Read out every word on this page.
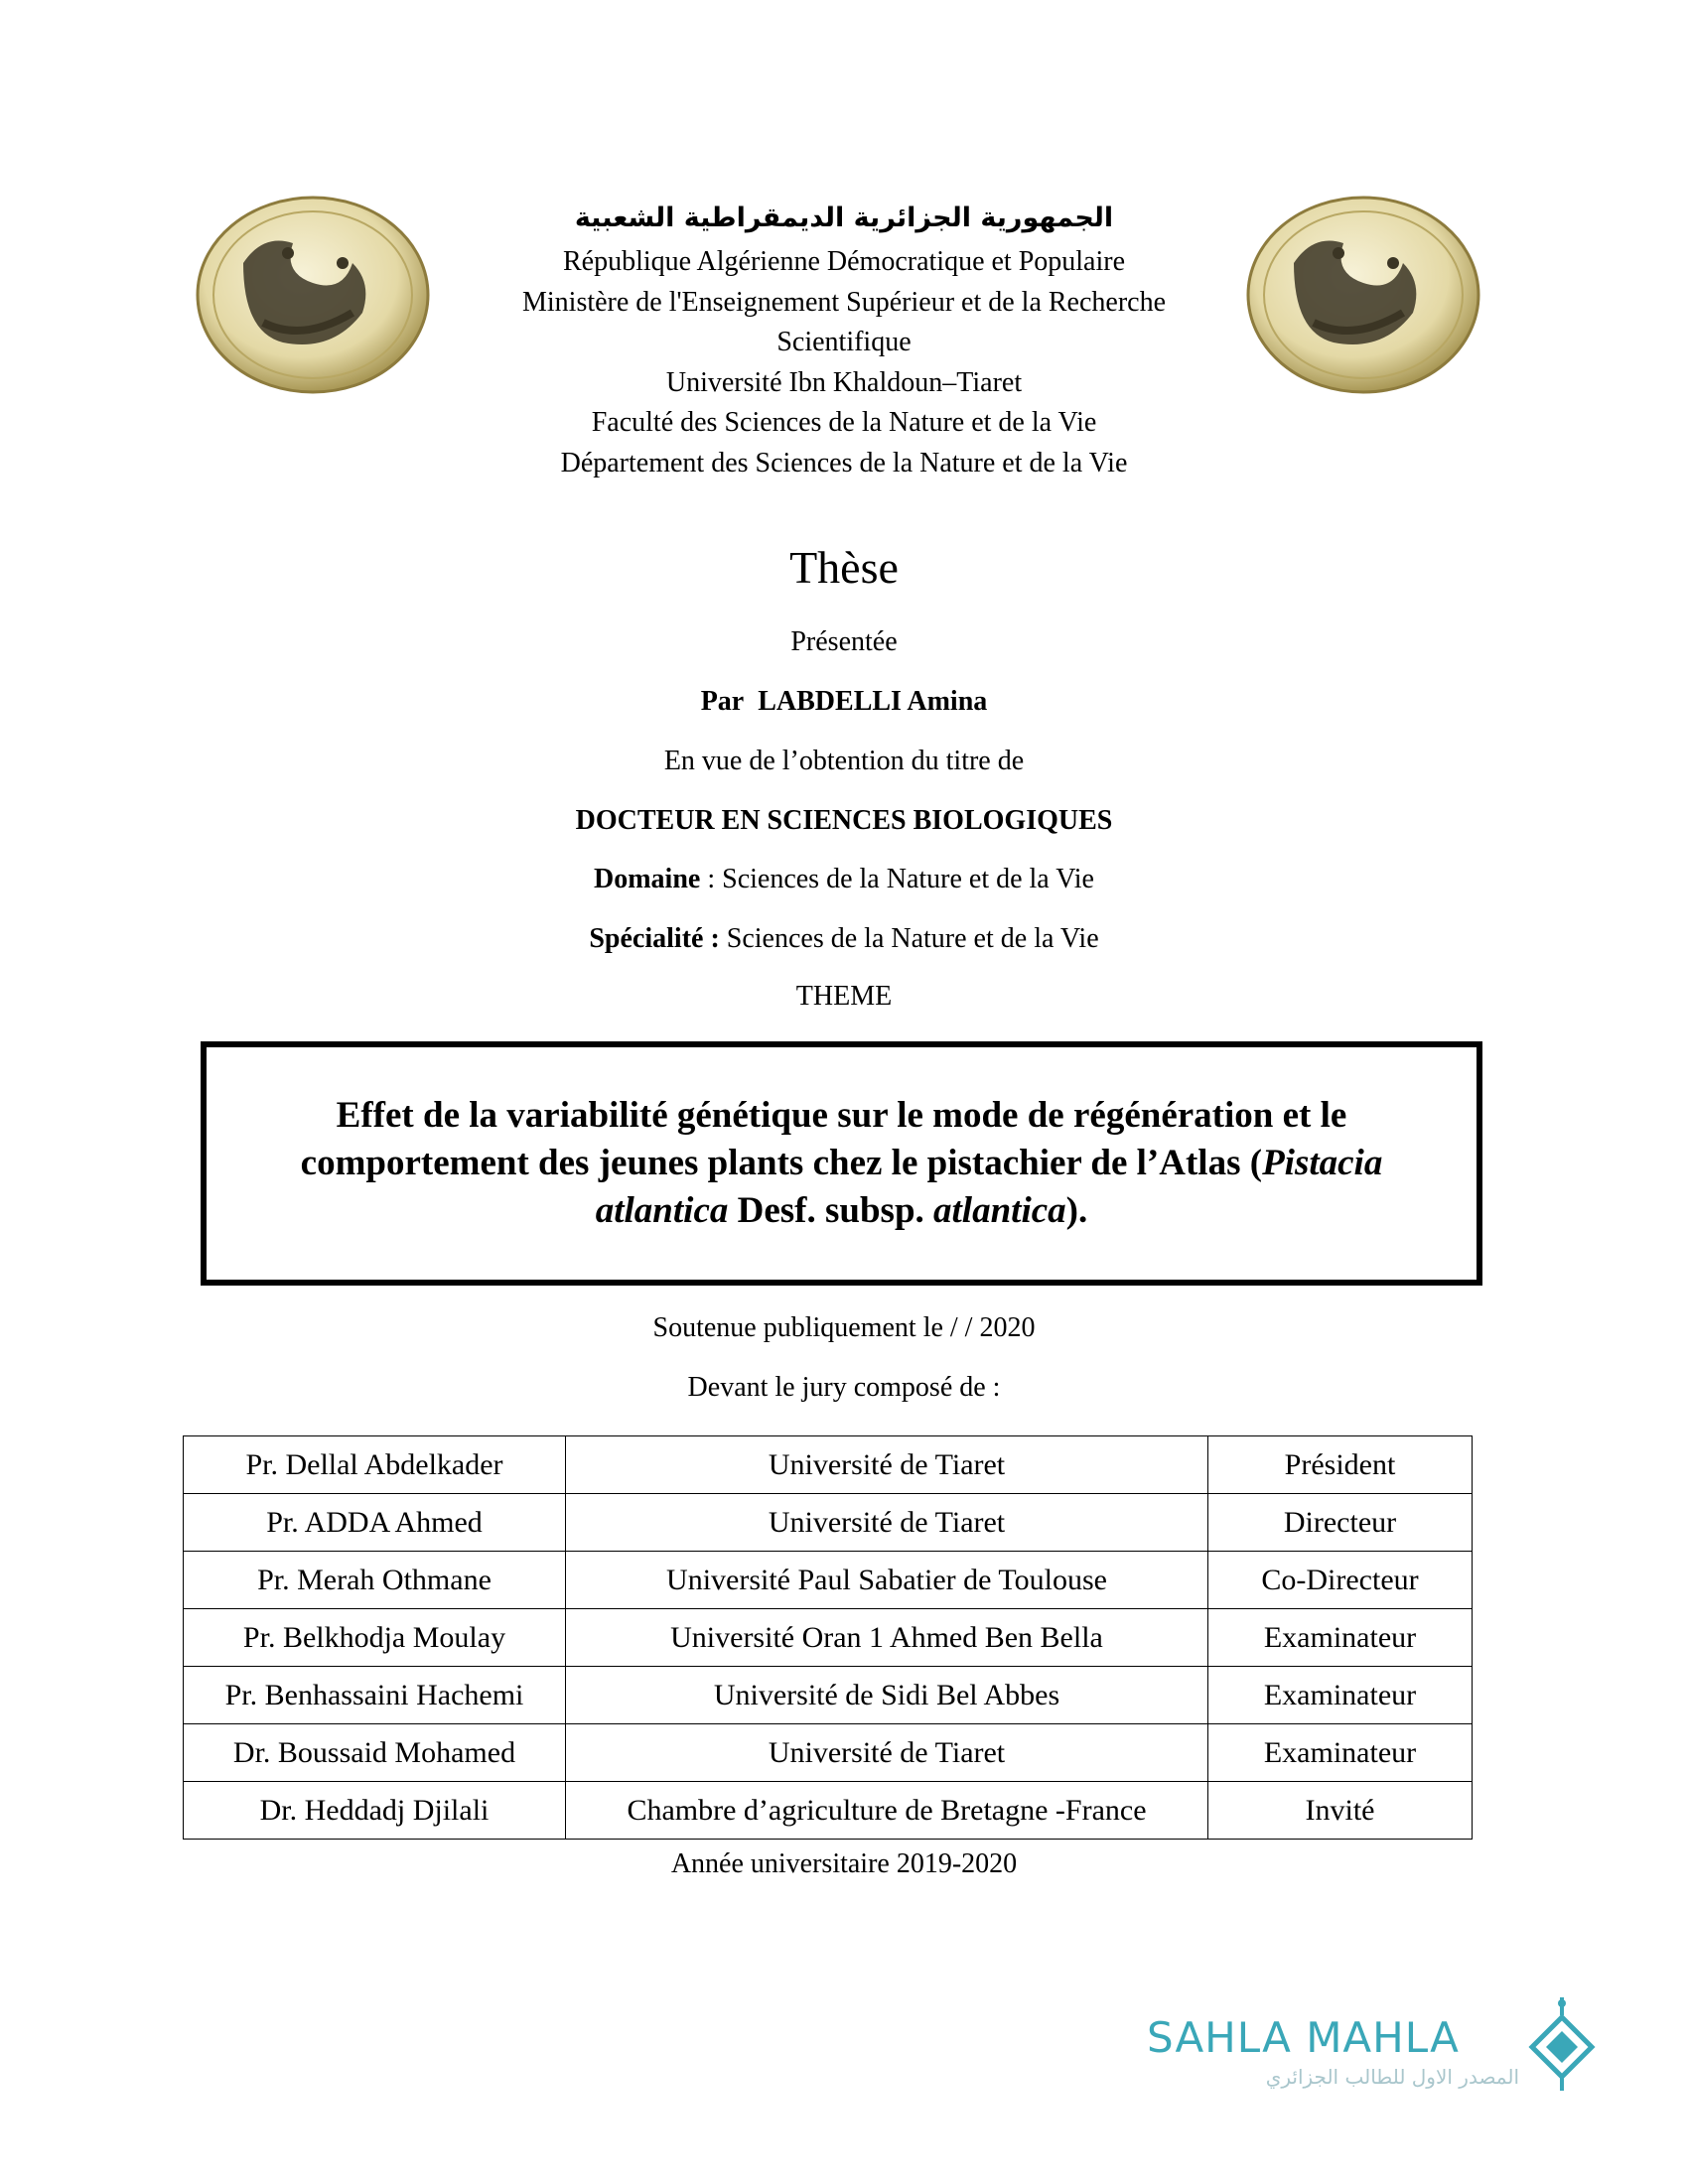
الجمهورية الجزائرية الديمقراطية الشعبية
République Algérienne Démocratique et Populaire
Ministère de l'Enseignement Supérieur et de la Recherche
Scientifique
Université Ibn Khaldoun–Tiaret
Faculté des Sciences de la Nature et de la Vie
Département des Sciences de la Nature et de la Vie
Thèse
Présentée
Par LABDELLI Amina
En vue de l’obtention du titre de
DOCTEUR EN SCIENCES BIOLOGIQUES
Domaine : Sciences de la Nature et de la Vie
Spécialité : Sciences de la Nature et de la Vie
THEME
Effet de la variabilité génétique sur le mode de régénération et le comportement des jeunes plants chez le pistachier de l’Atlas (Pistacia atlantica Desf. subsp. atlantica).
Soutenue publiquement le / / 2020
Devant le jury composé de :
Pr. Dellal Abdelkader	Université de Tiaret	Président
Pr. ADDA Ahmed	Université de Tiaret	Directeur
Pr. Merah Othmane	Université Paul Sabatier de Toulouse	Co-Directeur
Pr. Belkhodja Moulay	Université Oran 1 Ahmed Ben Bella	Examinateur
Pr. Benhassaini Hachemi	Université de Sidi Bel Abbes	Examinateur
Dr. Boussaid Mohamed	Université de Tiaret	Examinateur
Dr. Heddadj Djilali	Chambre d’agriculture de Bretagne -France	Invité
Année universitaire 2019-2020
SAHLA MAHLA
المصدر الاول للطالب الجزائري
